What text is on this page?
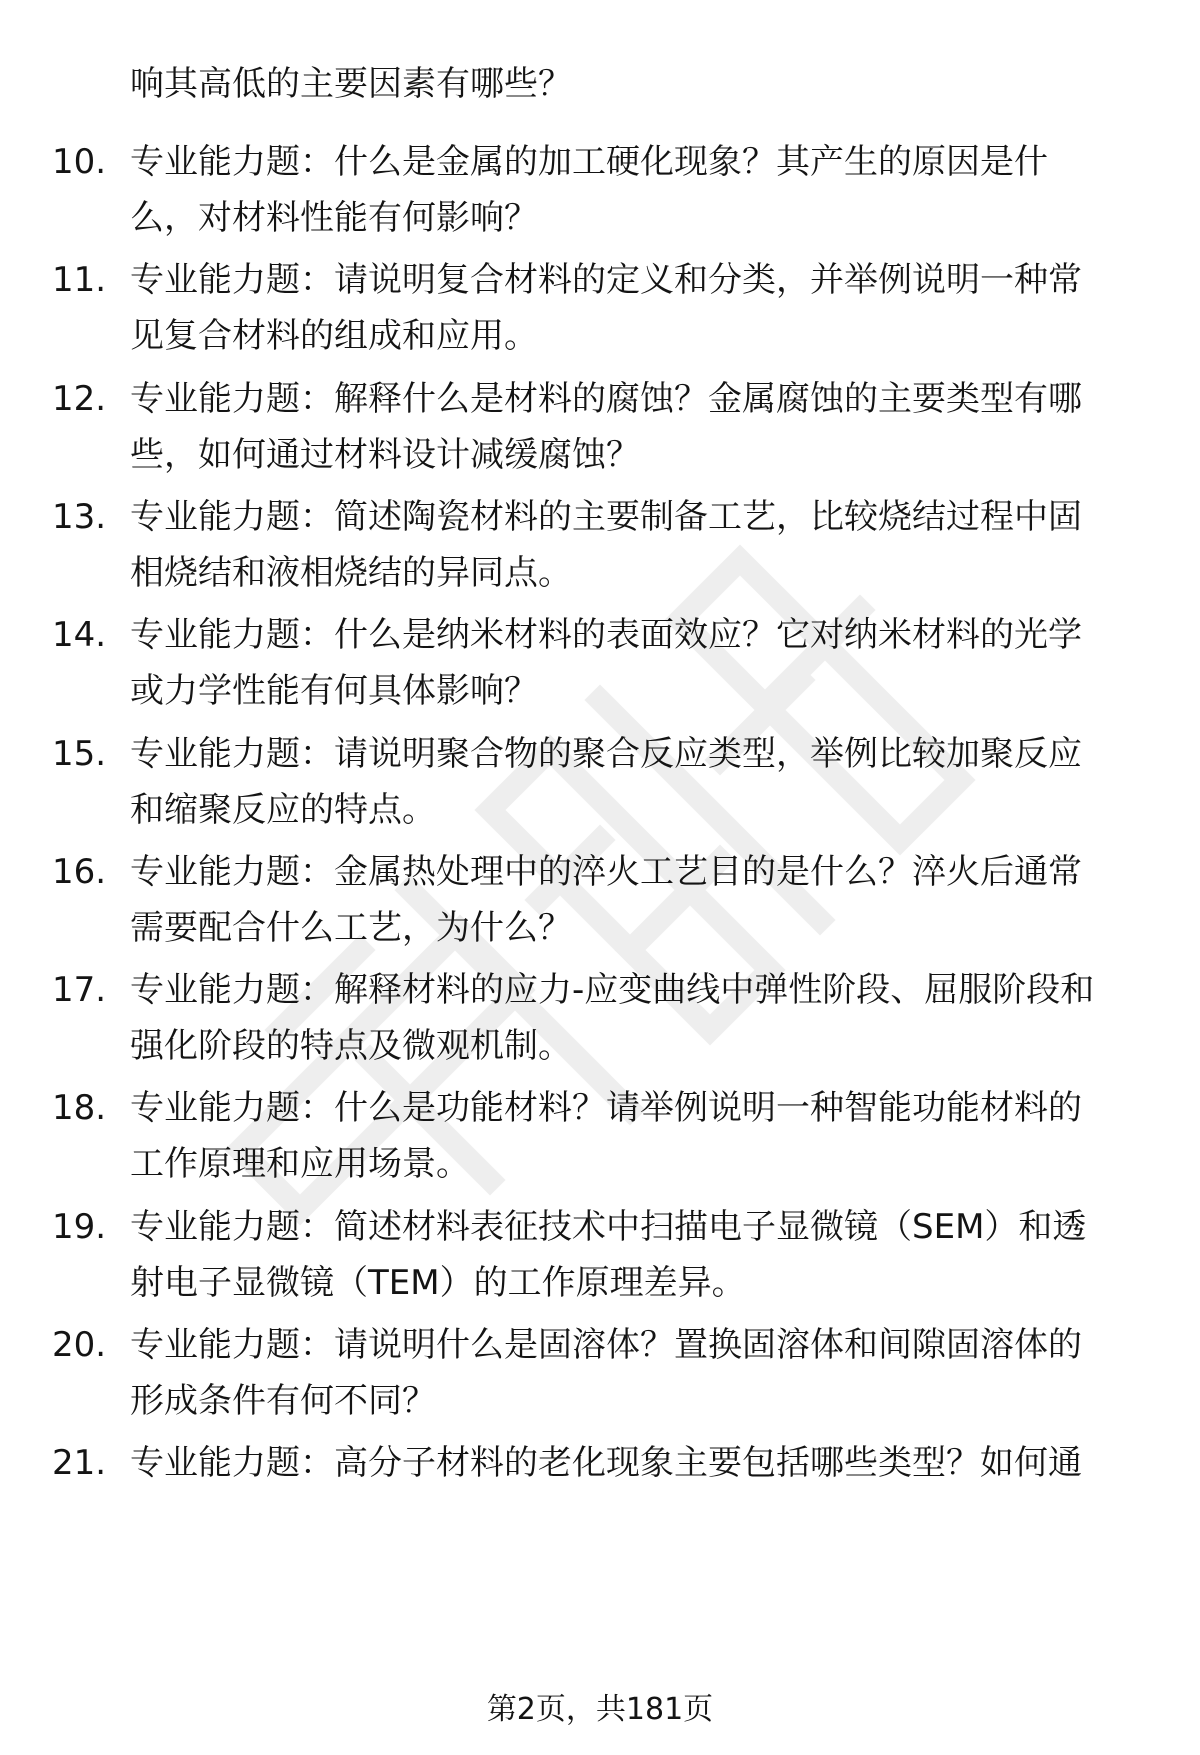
响其高低的主要因素有哪些？
10. 专业能力题：什么是金属的加工硬化现象？其产生的原因是什
么，对材料性能有何影响？
11. 专业能力题：请说明复合材料的定义和分类，并举例说明一种常
见复合材料的组成和应用。
12. 专业能力题：解释什么是材料的腐蚀？金属腐蚀的主要类型有哪
些，如何通过材料设计减缓腐蚀？
13. 专业能力题：简述陶瓷材料的主要制备工艺，比较烧结过程中固
相烧结和液相烧结的异同点。
14. 专业能力题：什么是纳米材料的表面效应？它对纳米材料的光学
或力学性能有何具体影响？
15. 专业能力题：请说明聚合物的聚合反应类型，举例比较加聚反应
和缩聚反应的特点。
16. 专业能力题：金属热处理中的淬火工艺目的是什么？淬火后通常
需要配合什么工艺，为什么？
17. 专业能力题：解释材料的应力-应变曲线中弹性阶段、屈服阶段和
强化阶段的特点及微观机制。
18. 专业能力题：什么是功能材料？请举例说明一种智能功能材料的
工作原理和应用场景。
19. 专业能力题：简述材料表征技术中扫描电子显微镜（SEM）和透
射电子显微镜（TEM）的工作原理差异。
20. 专业能力题：请说明什么是固溶体？置换固溶体和间隙固溶体的
形成条件有何不同？
21. 专业能力题：高分子材料的老化现象主要包括哪些类型？如何通
第2页，共181页
